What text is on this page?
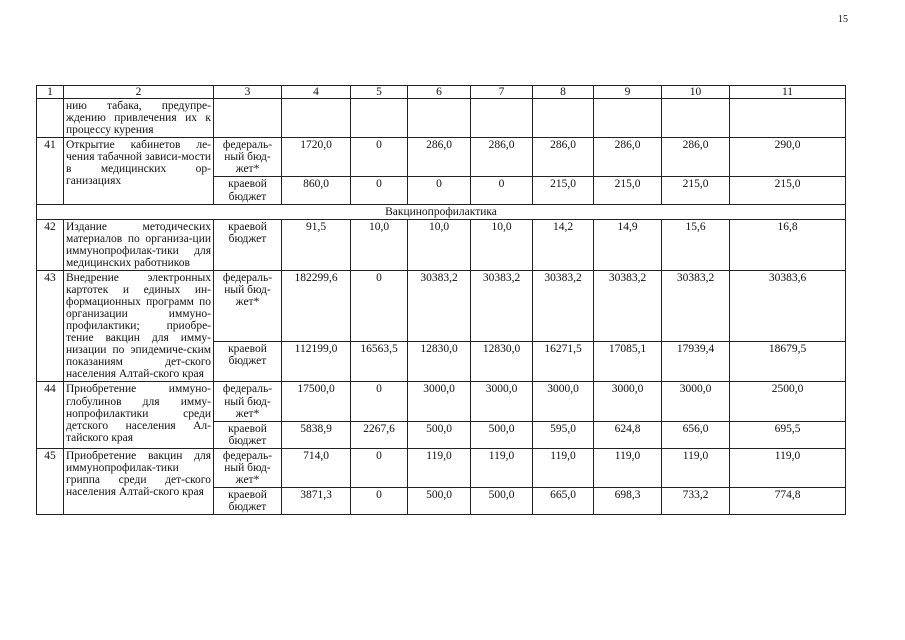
15
1	2	3	4	5	6	7	8	9	10	11
	нию табака, предупре-ждению привлечения их к процессу курения									
41	Открытие кабинетов ле-чения табачной зависи-мости в медицинских ор-ганизациях	федераль-ный бюд-жет*	1720,0	0	286,0	286,0	286,0	286,0	286,0	290,0
		краевой бюджет	860,0	0	0	0	215,0	215,0	215,0	215,0
Вакцинопрофилактика										
42	Издание методических материалов по организа-ции иммунопрофилак-тики для медицинских работников	краевой бюджет	91,5	10,0	10,0	10,0	14,2	14,9	15,6	16,8
43	Внедрение электронных картотек и единых ин-формационных программ по организации иммуно-профилактики; приобре-тение вакцин для имму-низации по эпидемиче-ским показаниям дет-ского населения Алтай-ского края	федераль-ный бюд-жет*	182299,6	0	30383,2	30383,2	30383,2	30383,2	30383,2	30383,6
		краевой бюджет	112199,0	16563,5	12830,0	12830,0	16271,5	17085,1	17939,4	18679,5
44	Приобретение иммуно-глобулинов для имму-нопрофилактики среди детского населения Ал-тайского края	федераль-ный бюд-жет*	17500,0	0	3000,0	3000,0	3000,0	3000,0	3000,0	2500,0
		краевой бюджет	5838,9	2267,6	500,0	500,0	595,0	624,8	656,0	695,5
45	Приобретение вакцин для иммунопрофилак-тики гриппа среди дет-ского населения Алтай-ского края	федераль-ный бюд-жет*	714,0	0	119,0	119,0	119,0	119,0	119,0	119,0
		краевой бюджет	3871,3	0	500,0	500,0	665,0	698,3	733,2	774,8
